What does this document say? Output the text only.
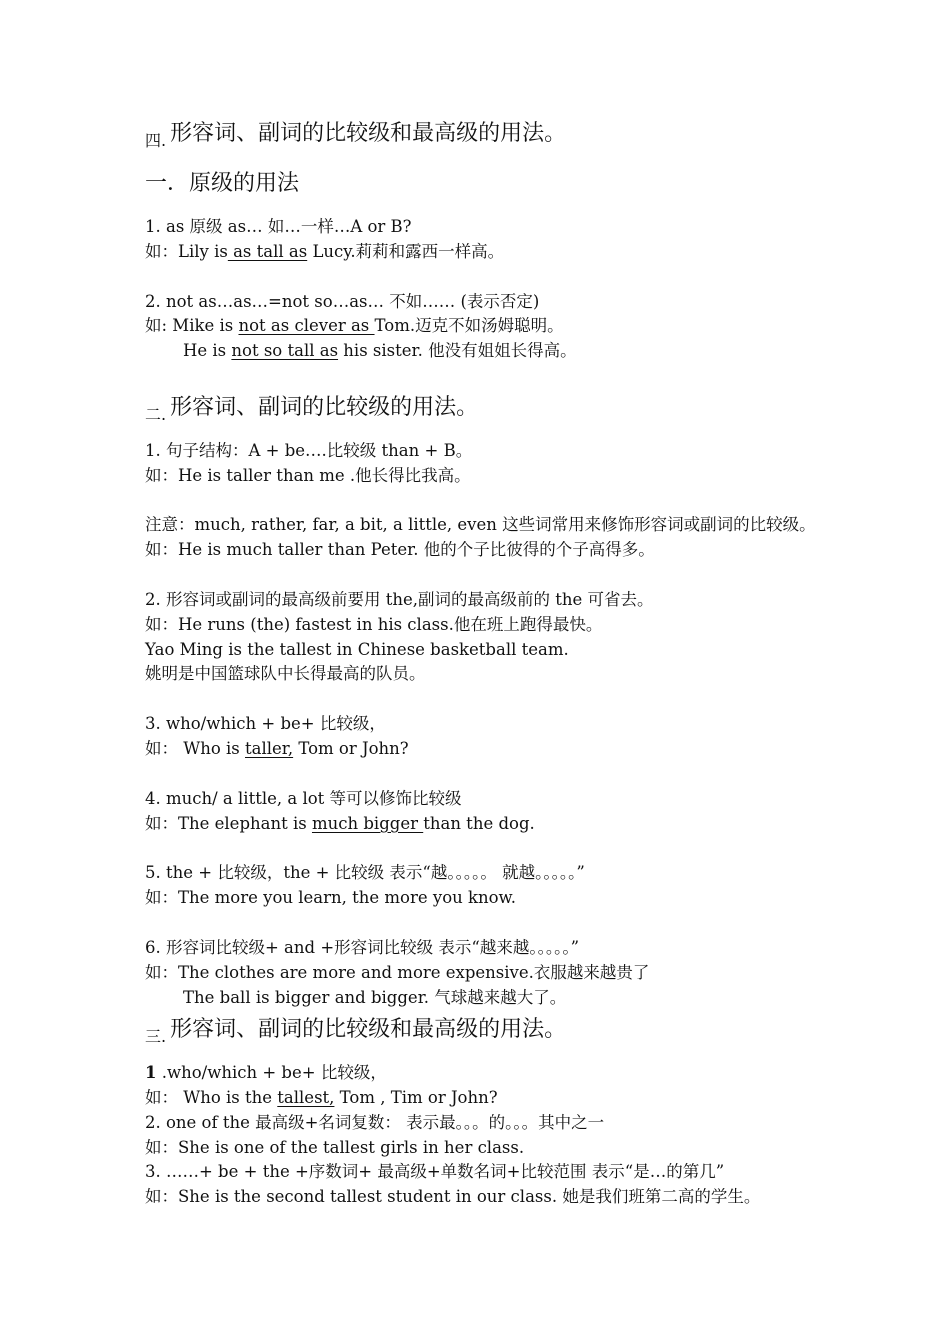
$_{四.}$ 形容词、副词的比较级和最高级的用法。
一．原级的用法
1. as 原级 as… 如…一样…A or B?
如：Lily is as tall as Lucy.莉莉和露西一样高。
2. not as…as…=not so…as… 不如…… (表示否定)
如: Mike is not as clever as Tom.迈克不如汤姆聪明。
He is not so tall as his sister. 他没有姐姐长得高。
$_{二.}$ 形容词、副词的比较级的用法。
1. 句子结构：A + be….比较级 than + B。
如：He is taller than me .他长得比我高。
注意：much, rather, far, a bit, a little, even 这些词常用来修饰形容词或副词的比较级。
如：He is much taller than Peter. 他的个子比彼得的个子高得多。
2. 形容词或副词的最高级前要用 the,副词的最高级前的 the 可省去。
如：He runs (the) fastest in his class.他在班上跑得最快。
Yao Ming is the tallest in Chinese basketball team.
姚明是中国篮球队中长得最高的队员。
3. who/which + be+ 比较级，
如： Who is taller, Tom or John?
4. much/ a little, a lot 等可以修饰比较级
如：The elephant is much bigger than the dog.
5. the + 比较级，the + 比较级 表示“越。。。。。 就越。。。。。”
如：The more you learn, the more you know.
6. 形容词比较级+ and +形容词比较级 表示“越来越。。。。。”
如：The clothes are more and more expensive.衣服越来越贵了
The ball is bigger and bigger. 气球越来越大了。
$_{三.}$ 形容词、副词的比较级和最高级的用法。
1 .who/which + be+ 比较级，
如： Who is the tallest, Tom , Tim or John?
2. one of the 最高级+名词复数： 表示最。。。的。。。其中之一
如：She is one of the tallest girls in her class.
3. ……+ be + the +序数词+ 最高级+单数名词+比较范围 表示“是…的第几”
如：She is the second tallest student in our class. 她是我们班第二高的学生。
